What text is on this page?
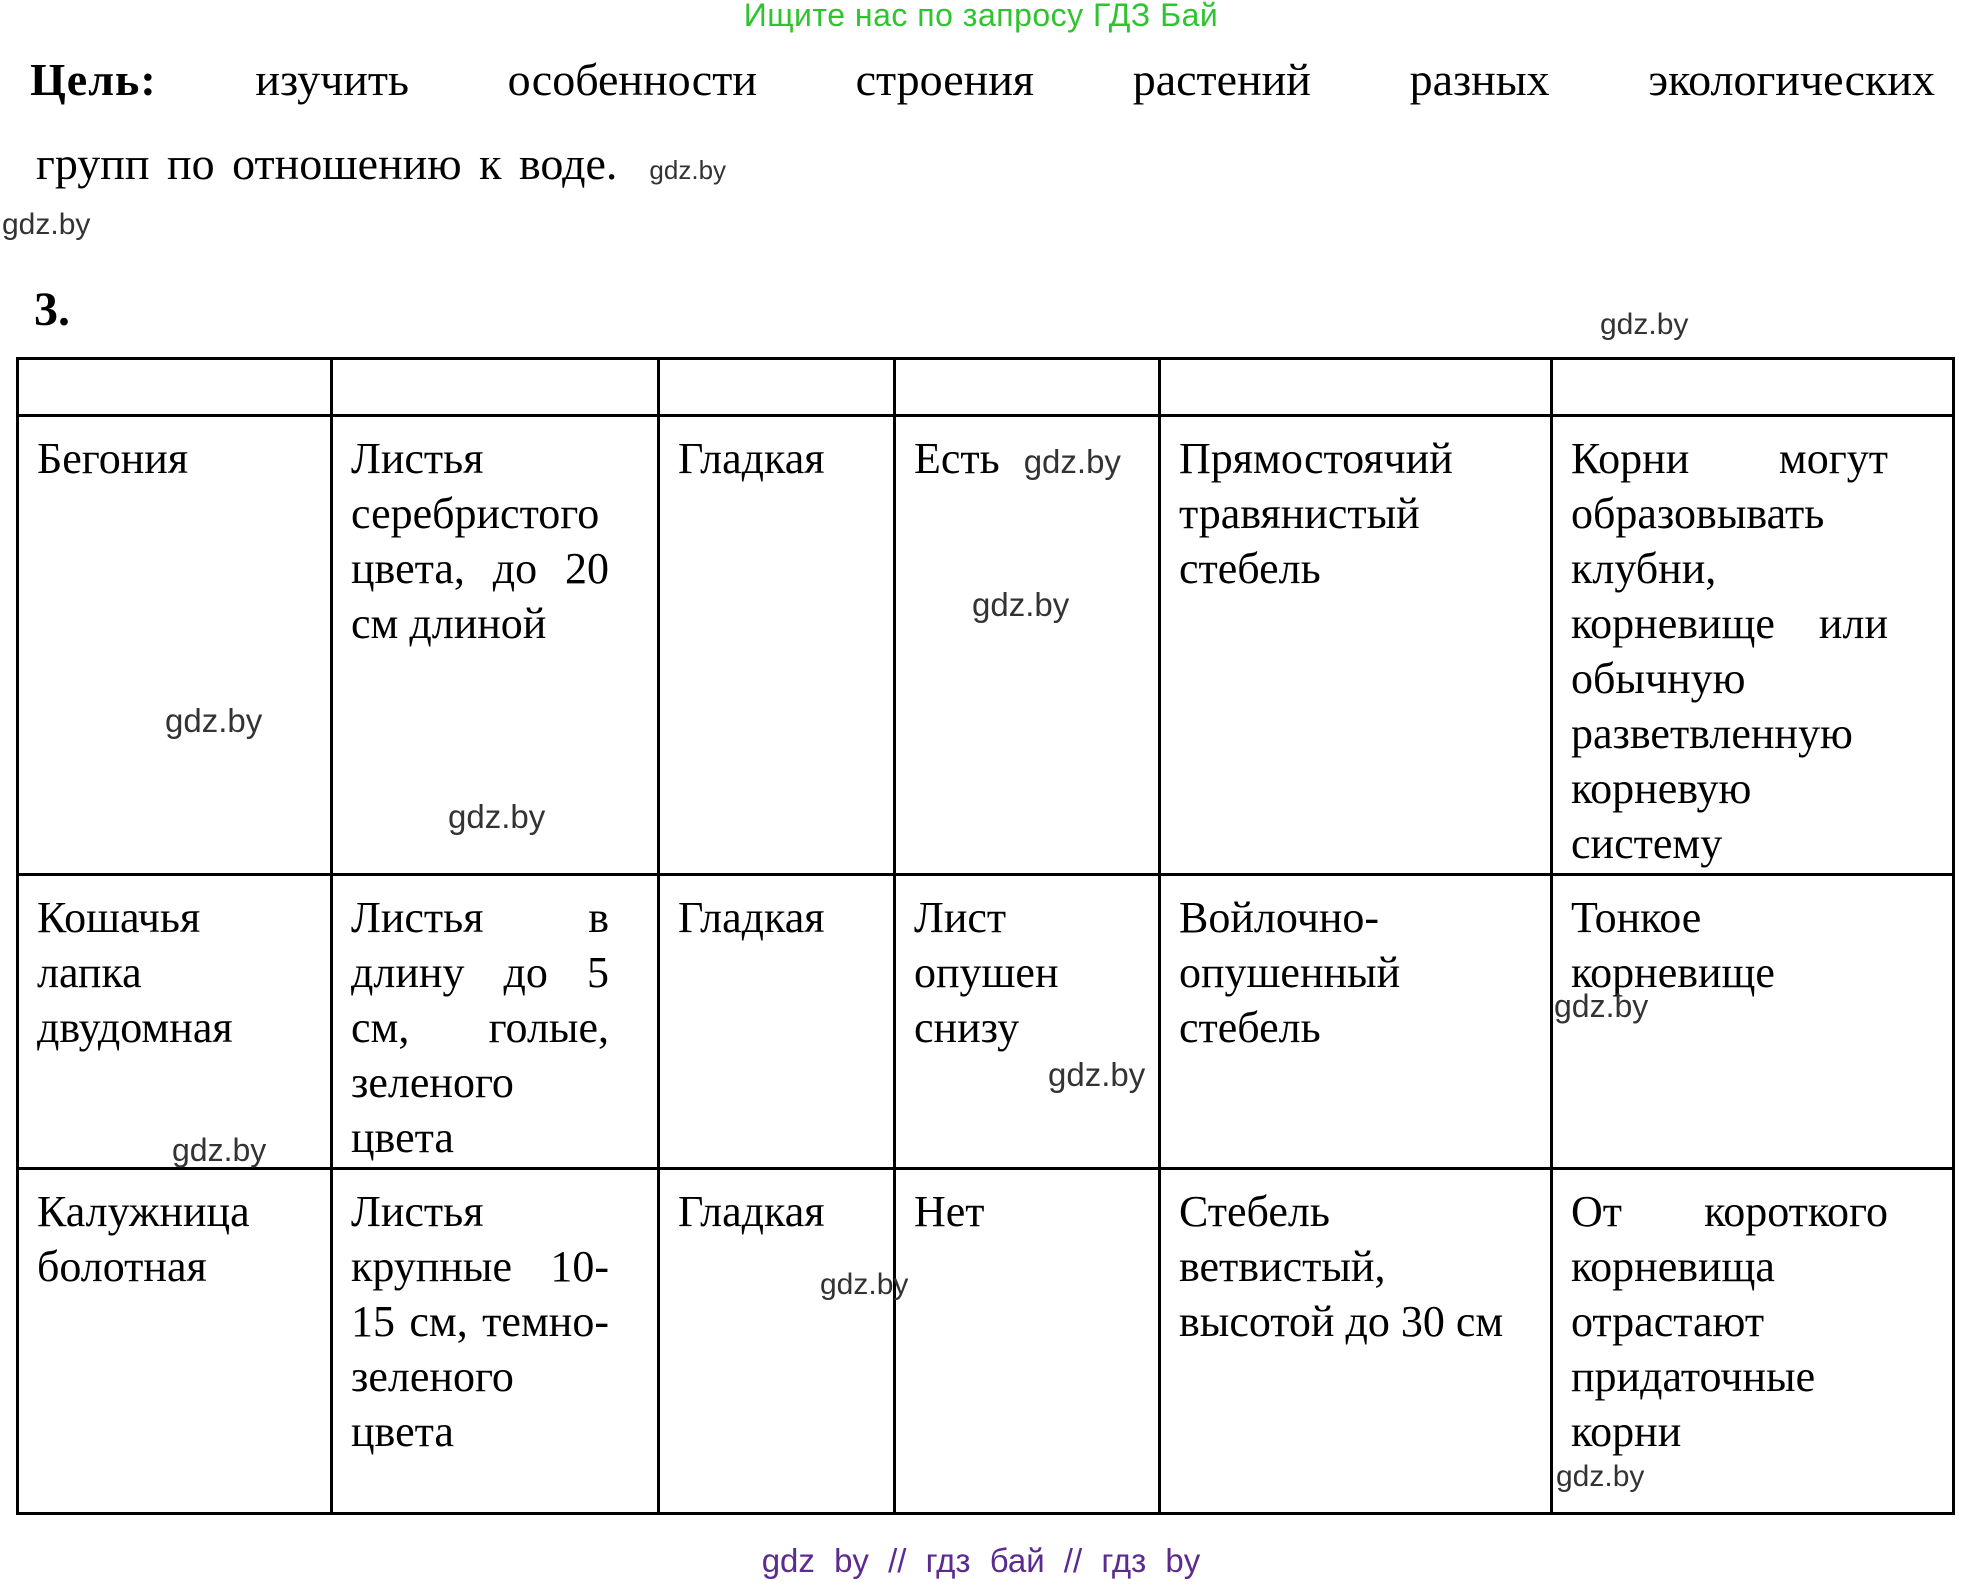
Ищите нас по запросу ГДЗ Бай
Цель: изучить особенности строения растений разных экологических
групп по отношению к воде. gdz.by
gdz.by
gdz.by
3.

Бегония	Листья серебристого цвета, до 20 см длиной	Гладкая	Есть gdz.by	Прямостоячий травянистый стебель	Корни могут образовывать клубни, корневище или обычную разветвленную корневую систему
Кошачья лапка двудомная	Листья в длину до 5 см, голые, зеленого цвета	Гладкая	Лист опушен снизу	Войлочно-опушенный стебель	Тонкое корневище
Калужница болотная	Листья крупные 10-15 см, темно-зеленого цвета	Гладкая	Нет	Стебель ветвистый, высотой до 30 см	От короткого корневища отрастают придаточные корни
gdz.by
gdz.by
gdz.by
gdz.by
gdz.by
gdz.by
gdz.by
gdz.by
gdz by // гдз бай // гдз by
